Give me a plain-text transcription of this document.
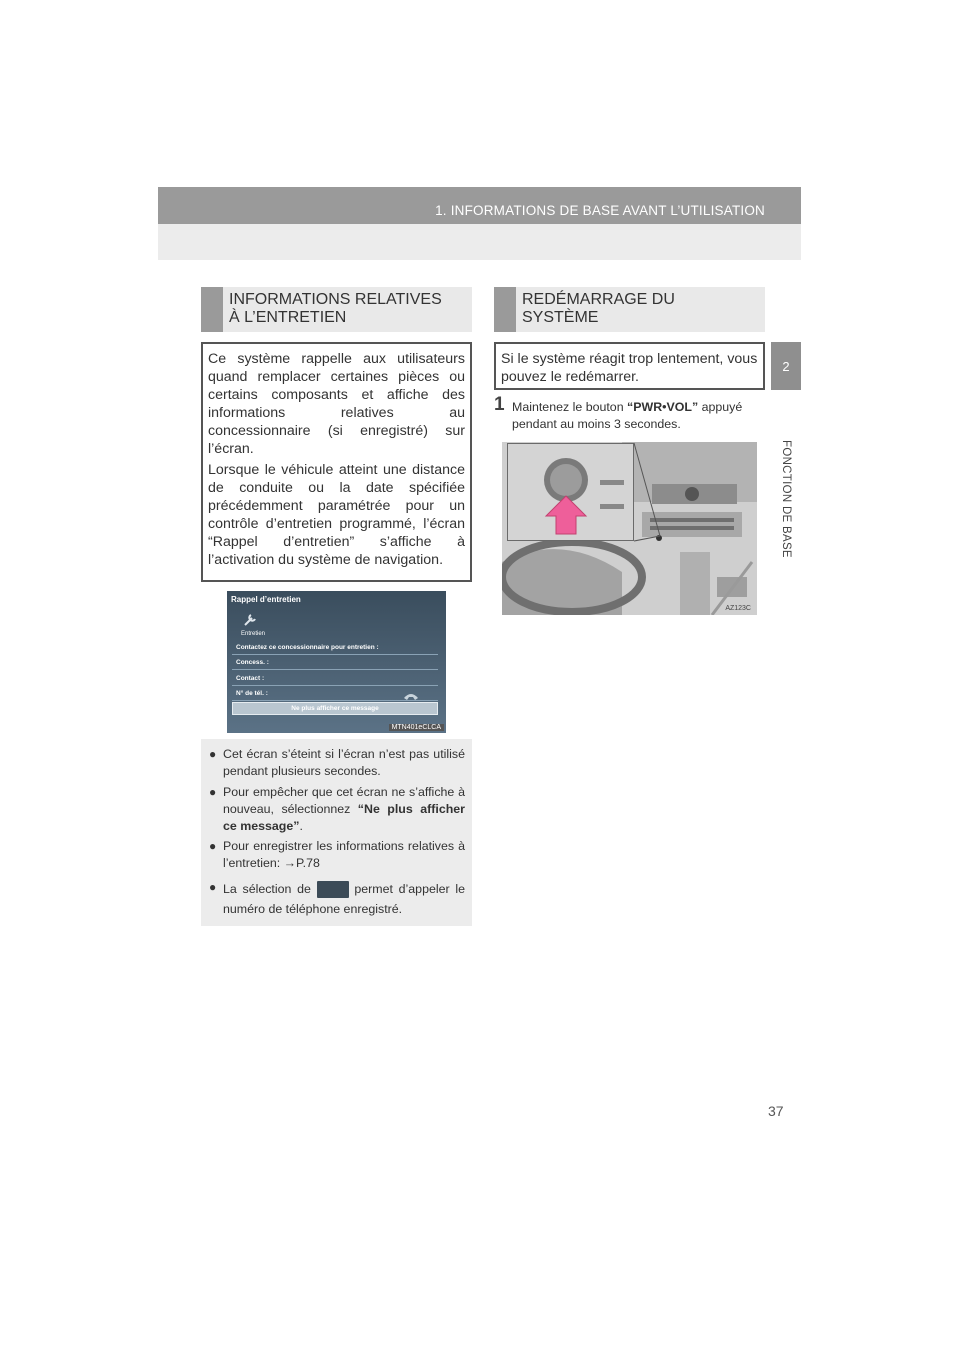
1. INFORMATIONS DE BASE AVANT L’UTILISATION
2
FONCTION DE BASE
INFORMATIONS RELATIVES
À L’ENTRETIEN

Ce système rappelle aux utilisateurs quand remplacer certaines pièces ou certains composants et affiche des informations relatives au concessionnaire (si enregistré) sur l’écran.

Lorsque le véhicule atteint une distance de conduite ou la date spécifiée précédemment paramétrée pour un contrôle d’entretien programmé, l’écran “Rappel d’entretien” s’affiche à l’activation du système de navigation.

Rappel d’entretien
Entretien
Contactez ce concessionnaire pour entretien :
Concess. :
Contact :
N° de tél. :
Ne plus afficher ce message
MTN401eCLCA
● Cet écran s’éteint si l’écran n’est pas utilisé pendant plusieurs secondes.
● Pour empêcher que cet écran ne s’affiche à nouveau, sélectionnez “Ne plus afficher ce message”.
● Pour enregistrer les informations relatives à l’entretien: →P.78
● La sélection de	permet d’appeler le numéro de téléphone enregistré.
REDÉMARRAGE DU
SYSTÈME

Si le système réagit trop lentement, vous pouvez le redémarrer.

1 Maintenez le bouton “PWR•VOL” appuyé pendant au moins 3 secondes.
AZ123C
37
